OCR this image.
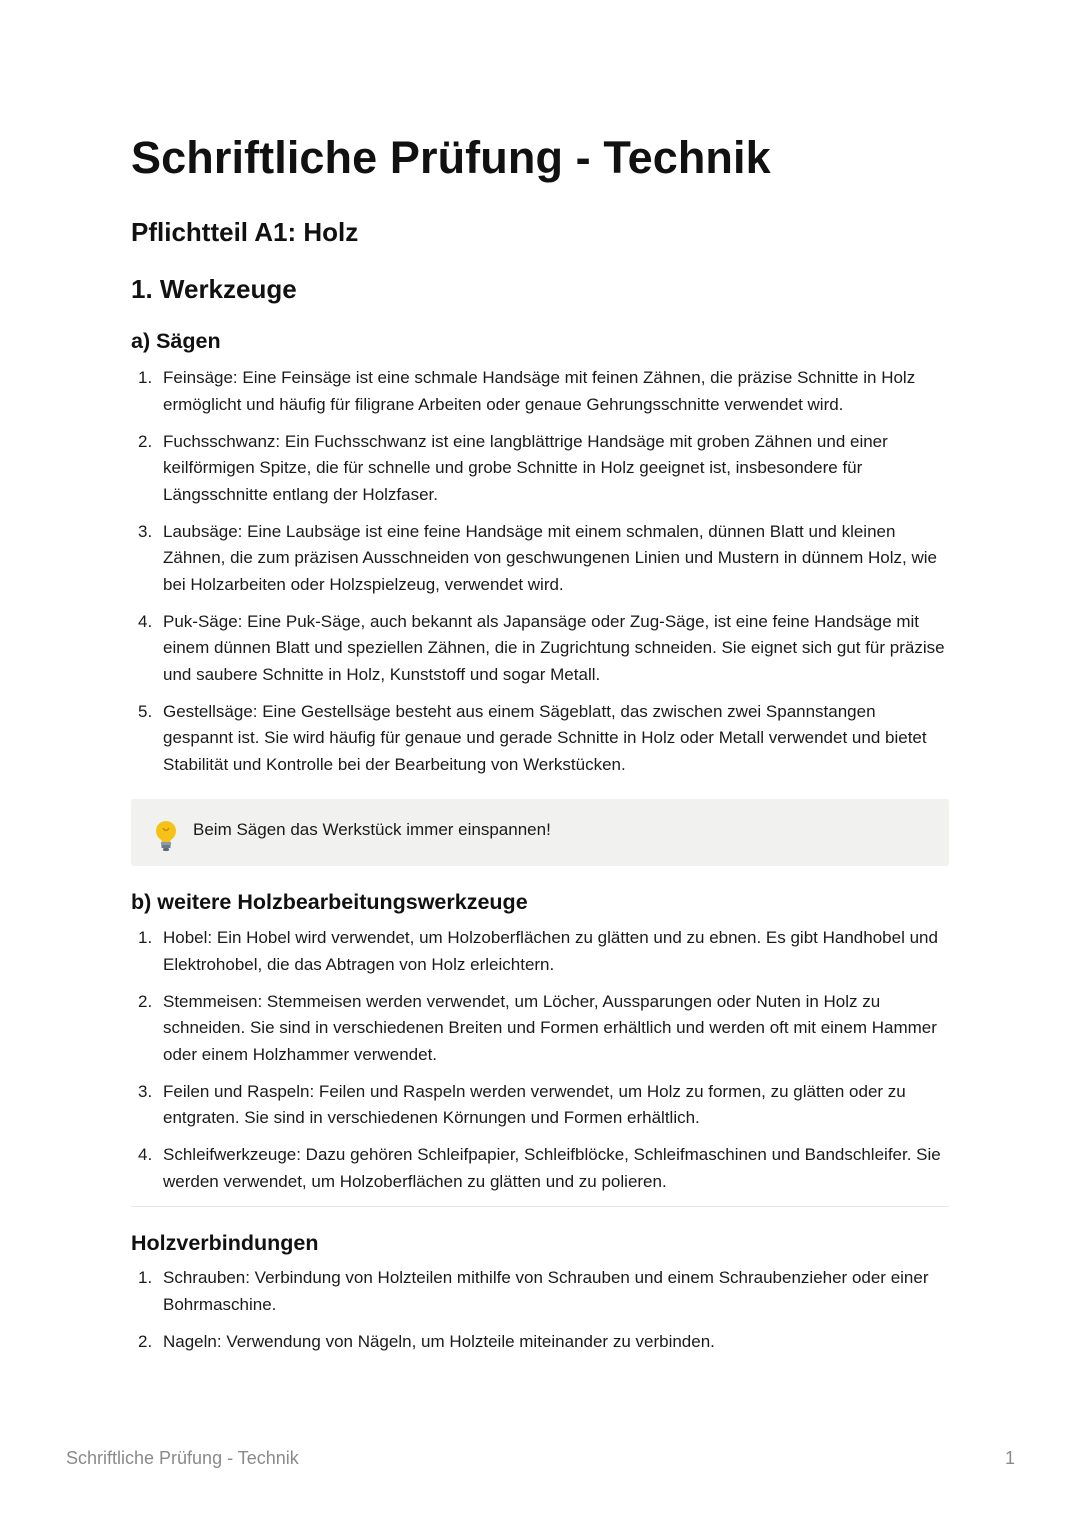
Schriftliche Prüfung - Technik
Pflichtteil A1: Holz
1. Werkzeuge
a) Sägen
1. Feinsäge: Eine Feinsäge ist eine schmale Handsäge mit feinen Zähnen, die präzise Schnitte in Holz ermöglicht und häufig für filigrane Arbeiten oder genaue Gehrungsschnitte verwendet wird.
2. Fuchsschwanz: Ein Fuchsschwanz ist eine langblättrige Handsäge mit groben Zähnen und einer keilförmigen Spitze, die für schnelle und grobe Schnitte in Holz geeignet ist, insbesondere für Längsschnitte entlang der Holzfaser.
3. Laubsäge: Eine Laubsäge ist eine feine Handsäge mit einem schmalen, dünnen Blatt und kleinen Zähnen, die zum präzisen Ausschneiden von geschwungenen Linien und Mustern in dünnem Holz, wie bei Holzarbeiten oder Holzspielzeug, verwendet wird.
4. Puk-Säge: Eine Puk-Säge, auch bekannt als Japansäge oder Zug-Säge, ist eine feine Handsäge mit einem dünnen Blatt und speziellen Zähnen, die in Zugrichtung schneiden. Sie eignet sich gut für präzise und saubere Schnitte in Holz, Kunststoff und sogar Metall.
5. Gestellsäge: Eine Gestellsäge besteht aus einem Sägeblatt, das zwischen zwei Spannstangen gespannt ist. Sie wird häufig für genaue und gerade Schnitte in Holz oder Metall verwendet und bietet Stabilität und Kontrolle bei der Bearbeitung von Werkstücken.
Beim Sägen das Werkstück immer einspannen!
b) weitere Holzbearbeitungswerkzeuge
1. Hobel: Ein Hobel wird verwendet, um Holzoberflächen zu glätten und zu ebnen. Es gibt Handhobel und Elektrohobel, die das Abtragen von Holz erleichtern.
2. Stemmeisen: Stemmeisen werden verwendet, um Löcher, Aussparungen oder Nuten in Holz zu schneiden. Sie sind in verschiedenen Breiten und Formen erhältlich und werden oft mit einem Hammer oder einem Holzhammer verwendet.
3. Feilen und Raspeln: Feilen und Raspeln werden verwendet, um Holz zu formen, zu glätten oder zu entgraten. Sie sind in verschiedenen Körnungen und Formen erhältlich.
4. Schleifwerkzeuge: Dazu gehören Schleifpapier, Schleifblöcke, Schleifmaschinen und Bandschleifer. Sie werden verwendet, um Holzoberflächen zu glätten und zu polieren.
Holzverbindungen
1. Schrauben: Verbindung von Holzteilen mithilfe von Schrauben und einem Schraubenzieher oder einer Bohrmaschine.
2. Nageln: Verwendung von Nägeln, um Holzteile miteinander zu verbinden.
Schriftliche Prüfung - Technik	1
